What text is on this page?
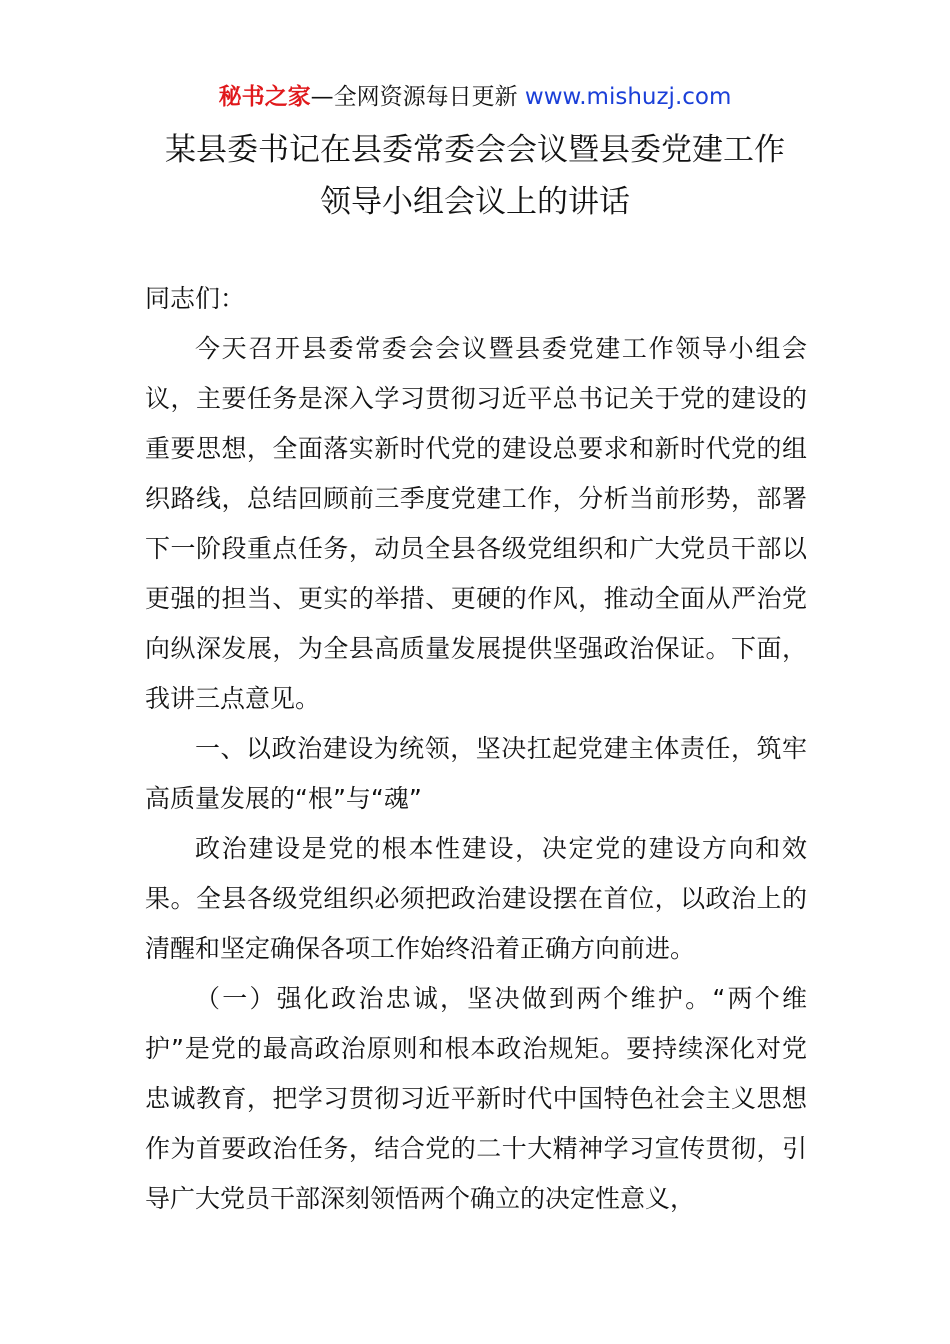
秘书之家—全网资源每日更新 www.mishuzj.com
某县委书记在县委常委会会议暨县委党建工作
领导小组会议上的讲话

同志们：

今天召开县委常委会会议暨县委党建工作领导小组会议，主要任务是深入学习贯彻习近平总书记关于党的建设的重要思想，全面落实新时代党的建设总要求和新时代党的组织路线，总结回顾前三季度党建工作，分析当前形势，部署下一阶段重点任务，动员全县各级党组织和广大党员干部以更强的担当、更实的举措、更硬的作风，推动全面从严治党向纵深发展，为全县高质量发展提供坚强政治保证。下面，我讲三点意见。

一、以政治建设为统领，坚决扛起党建主体责任，筑牢高质量发展的“根”与“魂”

政治建设是党的根本性建设，决定党的建设方向和效果。全县各级党组织必须把政治建设摆在首位，以政治上的清醒和坚定确保各项工作始终沿着正确方向前进。

（一）强化政治忠诚，坚决做到两个维护。“两个维护”是党的最高政治原则和根本政治规矩。要持续深化对党忠诚教育，把学习贯彻习近平新时代中国特色社会主义思想作为首要政治任务，结合党的二十大精神学习宣传贯彻，引导广大党员干部深刻领悟两个确立的决定性意义，
